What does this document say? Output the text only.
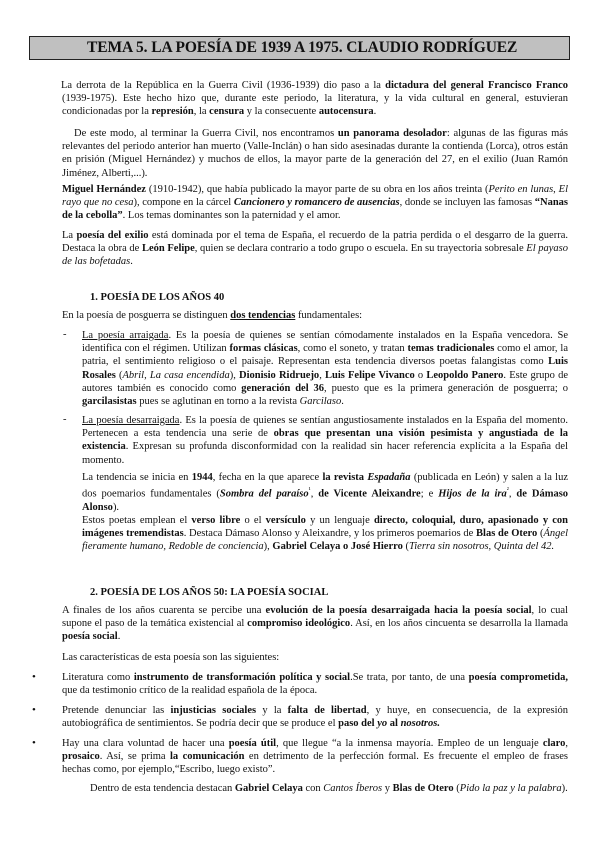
TEMA 5. LA POESÍA DE 1939 A 1975. CLAUDIO RODRÍGUEZ

La derrota de la República en la Guerra Civil (1936-1939) dio paso a la dictadura del general Francisco Franco (1939-1975). Este hecho hizo que, durante este periodo, la literatura, y la vida cultural en general, estuvieran condicionadas por la represión, la censura y la consecuente autocensura.

De este modo, al terminar la Guerra Civil, nos encontramos un panorama desolador: algunas de las figuras más relevantes del periodo anterior han muerto (Valle-Inclán) o han sido asesinadas durante la contienda (Lorca), otros están en prisión (Miguel Hernández) y muchos de ellos, la mayor parte de la generación del 27, en el exilio (Juan Ramón Jiménez, Alberti,...).

Miguel Hernández (1910-1942), que había publicado la mayor parte de su obra en los años treinta (Perito en lunas, El rayo que no cesa), compone en la cárcel Cancionero y romancero de ausencias, donde se incluyen las famosas “Nanas de la cebolla”. Los temas dominantes son la paternidad y el amor.

La poesía del exilio está dominada por el tema de España, el recuerdo de la patria perdida o el desgarro de la guerra. Destaca la obra de León Felipe, quien se declara contrario a todo grupo o escuela. En su trayectoria sobresale El payaso de las bofetadas.

1. POESÍA DE LOS AÑOS 40

En la poesía de posguerra se distinguen dos tendencias fundamentales:

- La poesía arraigada. Es la poesía de quienes se sentían cómodamente instalados en la España vencedora. Se identifica con el régimen. Utilizan formas clásicas, como el soneto, y tratan temas tradicionales como el amor, la patria, el sentimiento religioso o el paisaje. Representan esta tendencia diversos poetas falangistas como Luis Rosales (Abril, La casa encendida), Dionisio Ridruejo, Luis Felipe Vivanco o Leopoldo Panero. Este grupo de autores también es conocido como generación del 36, puesto que es la primera generación de posguerra; o garcilasistas pues se aglutinan en torno a la revista Garcilaso.

- La poesía desarraigada. Es la poesía de quienes se sentían angustiosamente instalados en la España del momento. Pertenecen a esta tendencia una serie de obras que presentan una visión pesimista y angustiada de la existencia. Expresan su profunda disconformidad con la realidad sin hacer referencia explícita a la España del momento.

La tendencia se inicia en 1944, fecha en la que aparece la revista Espadaña (publicada en León) y salen a la luz dos poemarios fundamentales (Sombra del paraíso$^{^1}$, de Vicente Aleixandre; e Hijos de la ira$^{^2}$, de Dámaso Alonso).

Estos poetas emplean el verso libre o el versículo y un lenguaje directo, coloquial, duro, apasionado y con imágenes tremendistas. Destaca Dámaso Alonso y Aleixandre, y los primeros poemarios de Blas de Otero (Ángel fieramente humano, Redoble de conciencia), Gabriel Celaya o José Hierro (Tierra sin nosotros, Quinta del 42.

2. POESÍA DE LOS AÑOS 50: LA POESÍA SOCIAL

A finales de los años cuarenta se percibe una evolución de la poesía desarraigada hacia la poesía social, lo cual supone el paso de la temática existencial al compromiso ideológico. Así, en los años cincuenta se desarrolla la llamada poesía social.

Las características de esta poesía son las siguientes:

• Literatura como instrumento de transformación política y social.Se trata, por tanto, de una poesía comprometida, que da testimonio crítico de la realidad española de la época.

• Pretende denunciar las injusticias sociales y la falta de libertad, y huye, en consecuencia, de la expresión autobiográfica de sentimientos. Se podría decir que se produce el paso del yo al nosotros.

• Hay una clara voluntad de hacer una poesía útil, que llegue “a la inmensa mayoría. Empleo de un lenguaje claro, prosaico. Así, se prima la comunicación en detrimento de la perfección formal. Es frecuente el empleo de frases hechas como, por ejemplo,“Escribo, luego existo”.

Dentro de esta tendencia destacan Gabriel Celaya con Cantos Íberos y Blas de Otero (Pido la paz y la palabra).
